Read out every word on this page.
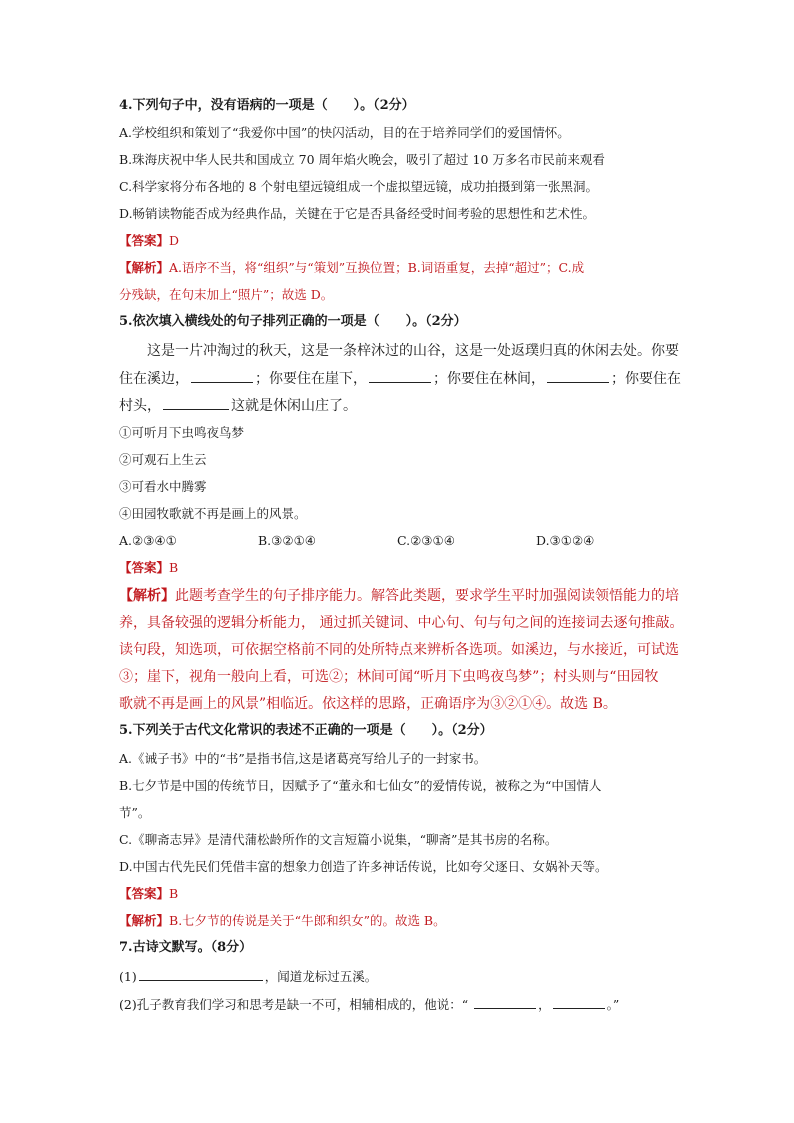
4.下列句子中，没有语病的一项是（　　）。（2分）
A.学校组织和策划了“我爱你中国”的快闪活动，目的在于培养同学们的爱国情怀。
B.珠海庆祝中华人民共和国成立 70 周年焰火晚会，吸引了超过 10 万多名市民前来观看
C.科学家将分布各地的 8 个射电望远镜组成一个虚拟望远镜，成功拍摄到第一张黑洞。
D.畅销读物能否成为经典作品，关键在于它是否具备经受时间考验的思想性和艺术性。
【答案】D
【解析】A.语序不当，将“组织”与“策划”互换位置；B.词语重复，去掉“超过”；C.成
分残缺，在句末加上“照片”；故选 D。
5.依次填入横线处的句子排列正确的一项是（　　）。（2分）
这是一片冲淘过的秋天，这是一条梓沐过的山谷，这是一处返璞归真的休闲去处。你要
住在溪边，	；你要住在崖下，	；你要住在林间，	；你要住在
村头，	这就是休闲山庄了。
①可听月下虫鸣夜鸟梦
②可观石上生云
③可看水中腾雾
④田园牧歌就不再是画上的风景。
A.②③④①	B.③②①④	C.②③①④	D.③①②④
【答案】B
【解析】此题考查学生的句子排序能力。解答此类题，要求学生平时加强阅读领悟能力的培
养，具备较强的逻辑分析能力， 通过抓关键词、中心句、句与句之间的连接词去逐句推敲。
读句段，知选项，可依据空格前不同的处所特点来辨析各选项。如溪边，与水接近，可试选
③；崖下，视角一般向上看，可选②；林间可闻“听月下虫鸣夜鸟梦”；村头则与“田园牧
歌就不再是画上的风景”相临近。依这样的思路，正确语序为③②①④。故选 B。
5.下列关于古代文化常识的表述不正确的一项是（　　）。（2分）
A.《诫子书》中的“书”是指书信,这是诸葛亮写给儿子的一封家书。
B.七夕节是中国的传统节日，因赋予了“董永和七仙女”的爱情传说，被称之为“中国情人
节”。
C.《聊斋志异》是清代蒲松龄所作的文言短篇小说集，“聊斋”是其书房的名称。
D.中国古代先民们凭借丰富的想象力创造了许多神话传说，比如夸父逐日、女娲补天等。
【答案】B
【解析】B.七夕节的传说是关于“牛郎和织女”的。故选 B。
7.古诗文默写。（8分）
(1)	，闻道龙标过五溪。
(2)孔子教育我们学习和思考是缺一不可，相辅相成的，他说：“	，	。”
